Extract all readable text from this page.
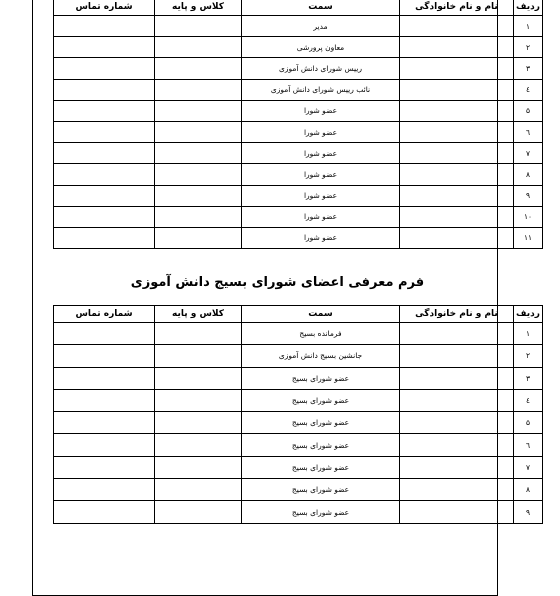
ردیف	نام و نام خانوادگی	سمت	کلاس و پایه	شماره تماس
۱		مدیر		
۲		معاون پرورشی		
۳		رییس شورای دانش آموزی		
٤		نائب رییس شورای دانش آموزی		
۵		عضو شورا		
٦		عضو شورا		
۷		عضو شورا		
۸		عضو شورا		
۹		عضو شورا		
۱۰		عضو شورا		
۱۱		عضو شورا		
فرم معرفی اعضای شورای بسیج دانش آموزی
ردیف	نام و نام خانوادگی	سمت	کلاس و پایه	شماره تماس
۱		فرمانده بسیج		
۲		جانشین بسیج دانش آموزی		
۳		عضو شورای بسیج		
٤		عضو شورای بسیج		
۵		عضو شورای بسیج		
٦		عضو شورای بسیج		
۷		عضو شورای بسیج		
۸		عضو شورای بسیج		
۹		عضو شورای بسیج		
